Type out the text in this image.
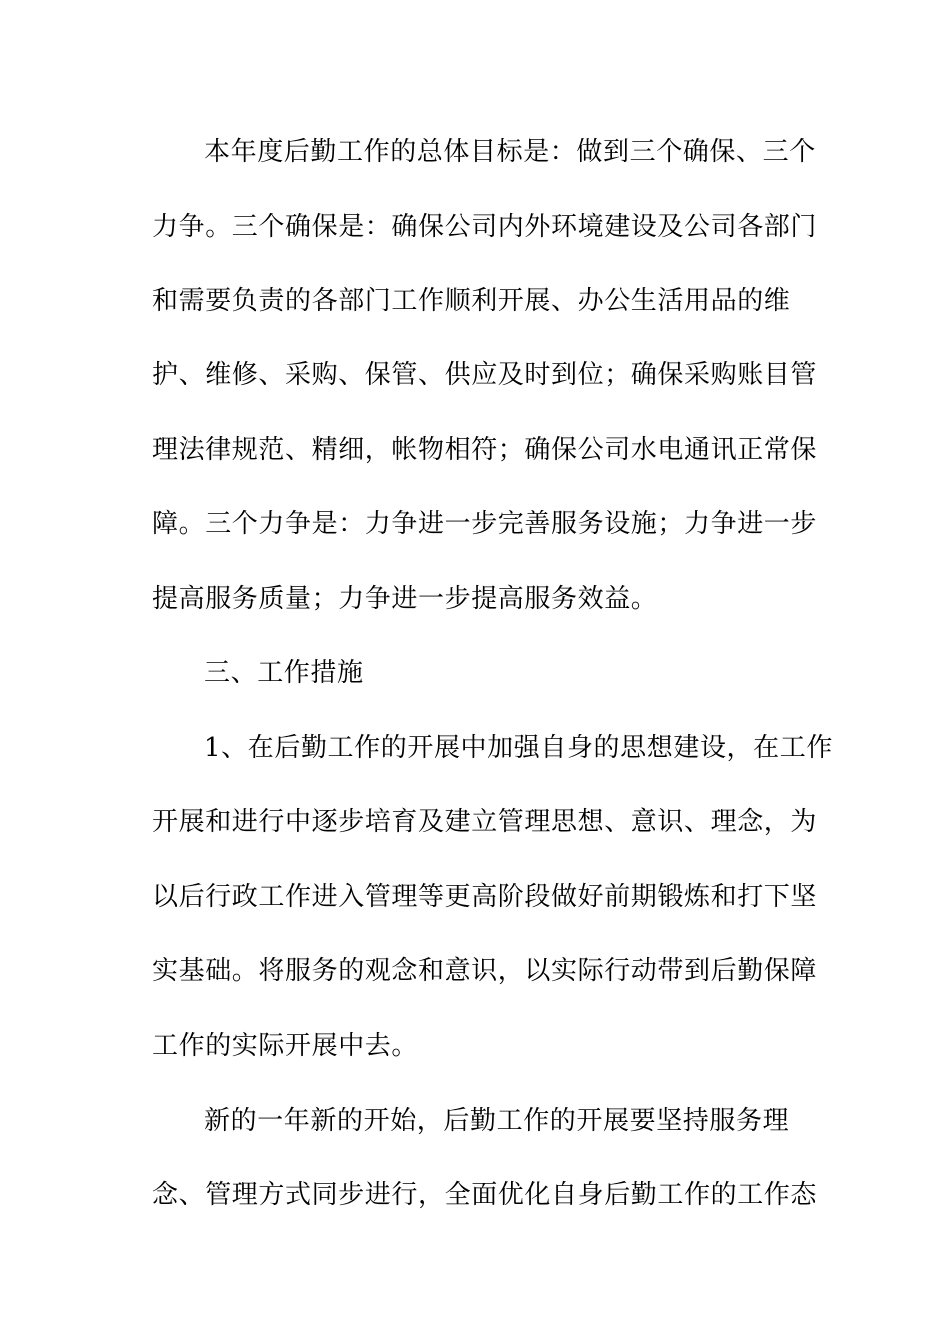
本年度后勤工作的总体目标是：做到三个确保、三个
力争。三个确保是：确保公司内外环境建设及公司各部门
和需要负责的各部门工作顺利开展、办公生活用品的维
护、维修、采购、保管、供应及时到位；确保采购账目管
理法律规范、精细，帐物相符；确保公司水电通讯正常保
障。三个力争是：力争进一步完善服务设施；力争进一步
提高服务质量；力争进一步提高服务效益。
三、工作措施
1、在后勤工作的开展中加强自身的思想建设，在工作
开展和进行中逐步培育及建立管理思想、意识、理念，为
以后行政工作进入管理等更高阶段做好前期锻炼和打下坚
实基础。将服务的观念和意识，以实际行动带到后勤保障
工作的实际开展中去。
新的一年新的开始，后勤工作的开展要坚持服务理
念、管理方式同步进行，全面优化自身后勤工作的工作态
